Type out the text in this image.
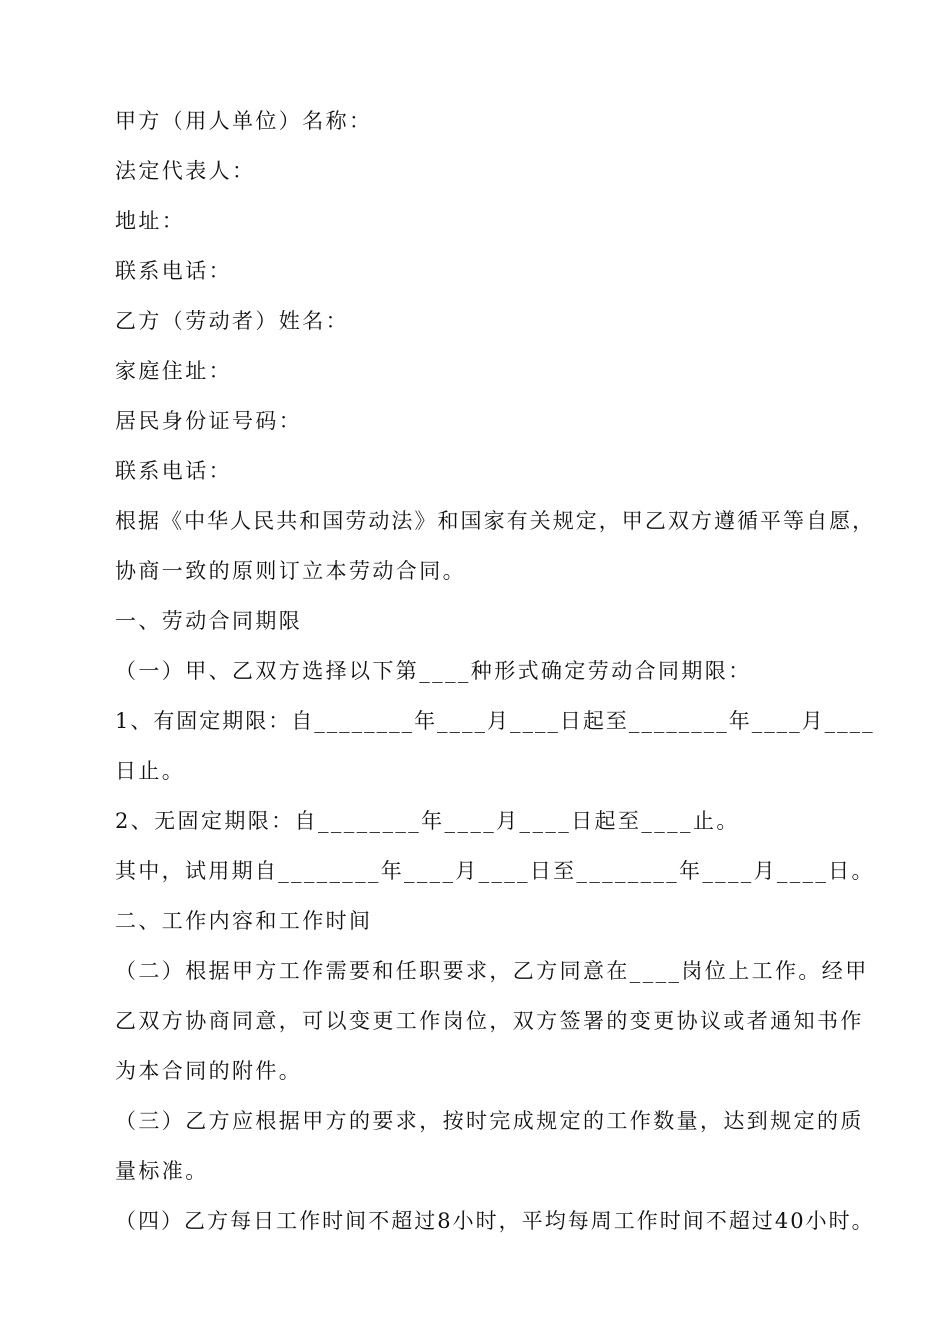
甲方（用人单位）名称：
法定代表人：
地址：
联系电话：
乙方（劳动者）姓名：
家庭住址：
居民身份证号码：
联系电话：
根据《中华人民共和国劳动法》和国家有关规定，甲乙双方遵循平等自愿，
协商一致的原则订立本劳动合同。
一、劳动合同期限
（一）甲、乙双方选择以下第____种形式确定劳动合同期限：
1、有固定期限：自________年____月____日起至________年____月____
日止。
2、无固定期限：自________年____月____日起至____止。
其中，试用期自________年____月____日至________年____月____日。
二、工作内容和工作时间
（二）根据甲方工作需要和任职要求，乙方同意在____岗位上工作。经甲
乙双方协商同意，可以变更工作岗位，双方签署的变更协议或者通知书作
为本合同的附件。
（三）乙方应根据甲方的要求，按时完成规定的工作数量，达到规定的质
量标准。
（四）乙方每日工作时间不超过8小时，平均每周工作时间不超过40小时。
